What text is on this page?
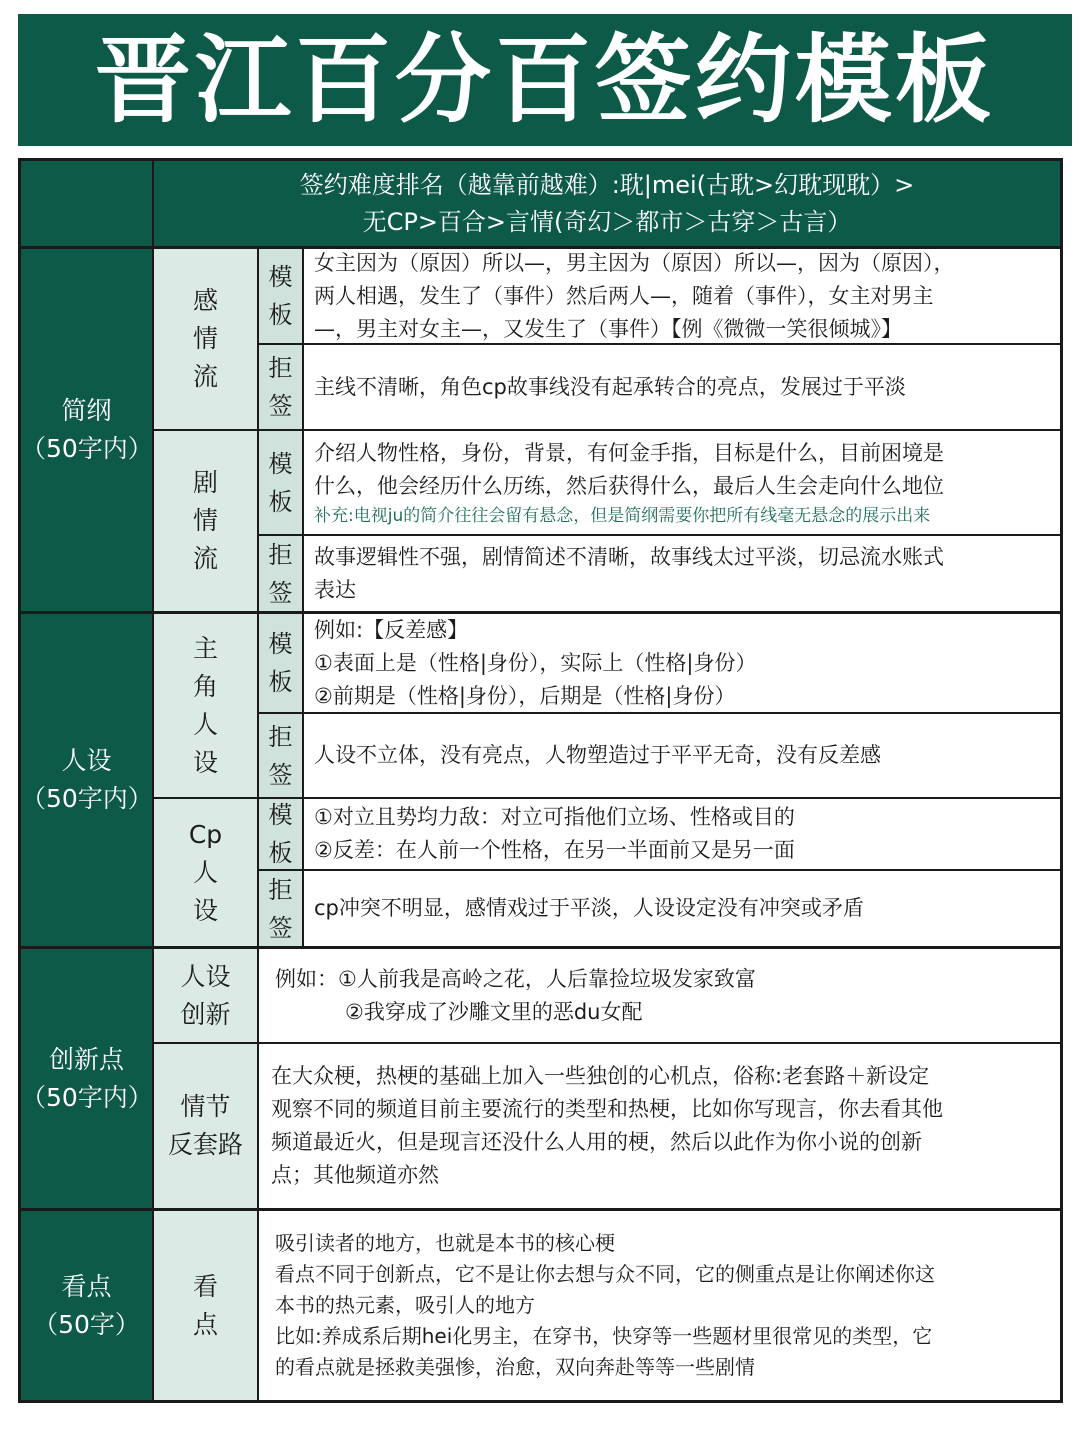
晋江百分百签约模板
签约难度排名（越靠前越难）:耽|mei(古耽>幻耽现耽）>
无CP>百合>言情(奇幻＞都市＞古穿＞古言）
简纲
（50字内）
感情流
模板
女主因为（原因）所以—，男主因为（原因）所以—，因为（原因），
两人相遇，发生了（事件）然后两人—，随着（事件），女主对男主
—，男主对女主—，又发生了（事件）【例《微微一笑很倾城》】
拒签
主线不清晰，角色cp故事线没有起承转合的亮点，发展过于平淡
剧情流
模板
介绍人物性格，身份，背景，有何金手指，目标是什么，目前困境是
什么，他会经历什么历练，然后获得什么，最后人生会走向什么地位
补充:电视ju的简介往往会留有悬念，但是简纲需要你把所有线毫无悬念的展示出来
拒签
故事逻辑性不强，剧情简述不清晰，故事线太过平淡，切忌流水账式
表达
人设
（50字内）
主角人设
模板
例如:【反差感】
①表面上是（性格|身份），实际上（性格|身份）
②前期是（性格|身份），后期是（性格|身份）
拒签
人设不立体，没有亮点，人物塑造过于平平无奇，没有反差感
Cp人设
模板
①对立且势均力敌：对立可指他们立场、性格或目的
②反差：在人前一个性格，在另一半面前又是另一面
拒签
cp冲突不明显，感情戏过于平淡，人设设定没有冲突或矛盾
创新点
（50字内）
人设
创新
例如：①人前我是高岭之花，人后靠捡垃圾发家致富
②我穿成了沙雕文里的恶du女配
情节
反套路
在大众梗，热梗的基础上加入一些独创的心机点，俗称:老套路＋新设定
观察不同的频道目前主要流行的类型和热梗，比如你写现言，你去看其他
频道最近火，但是现言还没什么人用的梗，然后以此作为你小说的创新
点；其他频道亦然
看点
（50字）
看点
吸引读者的地方，也就是本书的核心梗
看点不同于创新点，它不是让你去想与众不同，它的侧重点是让你阐述你这
本书的热元素，吸引人的地方
比如:养成系后期hei化男主，在穿书，快穿等一些题材里很常见的类型，它
的看点就是拯救美强惨，治愈，双向奔赴等等一些剧情
